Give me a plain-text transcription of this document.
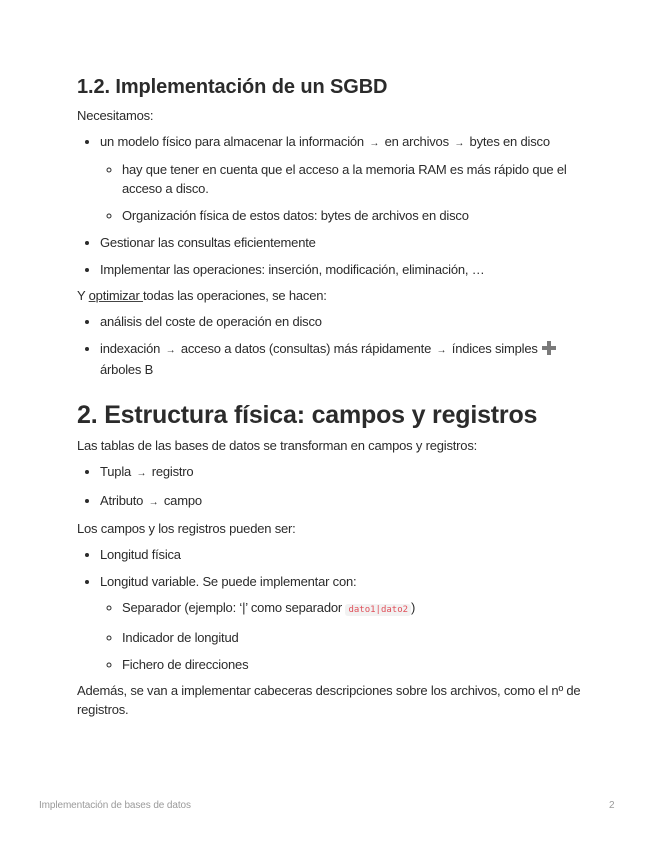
1.2. Implementación de un SGBD

Necesitamos:

• un modelo físico para almacenar la información → en archivos → bytes en disco
◦ hay que tener en cuenta que el acceso a la memoria RAM es más rápido que el acceso a disco.
◦ Organización física de estos datos: bytes de archivos en disco
• Gestionar las consultas eficientemente
• Implementar las operaciones: inserción, modificación, eliminación, …

Y optimizar todas las operaciones, se hacen:

• análisis del coste de operación en disco
• indexación → acceso a datos (consultas) más rápidamente → índices simples  árboles B
2. Estructura física: campos y registros

Las tablas de las bases de datos se transforman en campos y registros:

• Tupla → registro
• Atributo → campo

Los campos y los registros pueden ser:

• Longitud física
• Longitud variable. Se puede implementar con:
◦ Separador (ejemplo: ‘|’ como separador dato1|dato2 )
◦ Indicador de longitud
◦ Fichero de direcciones

Además, se van a implementar cabeceras descripciones sobre los archivos, como el nº de registros.

Implementación de bases de datos	2
